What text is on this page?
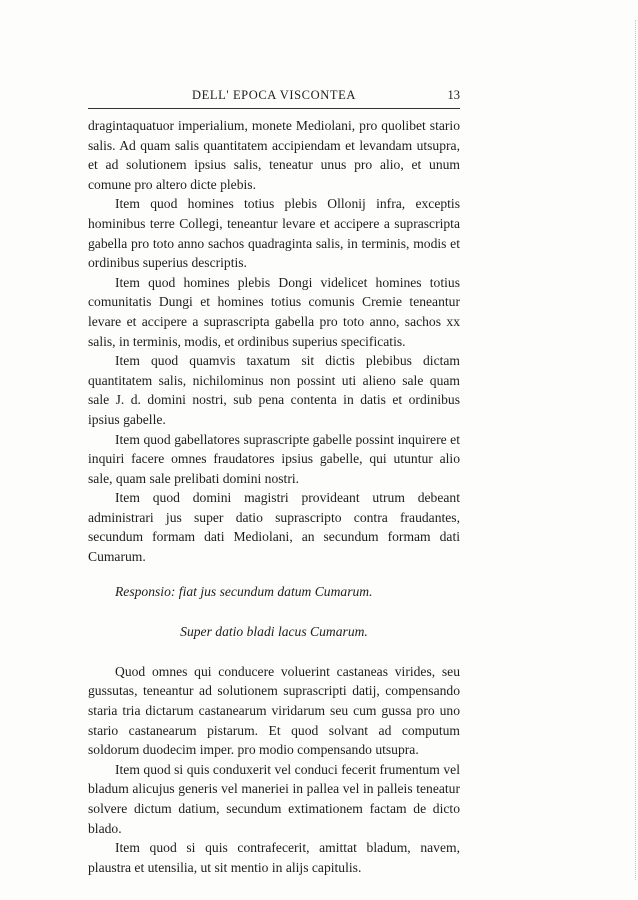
DELL' EPOCA VISCONTEA	13

dragintaquatuor imperialium, monete Mediolani, pro quolibet stario salis. Ad quam salis quantitatem accipiendam et levandam utsupra, et ad solutionem ipsius salis, teneatur unus pro alio, et unum comune pro altero dicte plebis.

Item quod homines totius plebis Ollonij infra, exceptis hominibus terre Collegi, teneantur levare et accipere a suprascripta gabella pro toto anno sachos quadraginta salis, in terminis, modis et ordinibus superius descriptis.

Item quod homines plebis Dongi videlicet homines totius comunitatis Dungi et homines totius comunis Cremie teneantur levare et accipere a suprascripta gabella pro toto anno, sachos xx salis, in terminis, modis, et ordinibus superius specificatis.

Item quod quamvis taxatum sit dictis plebibus dictam quantitatem salis, nichilominus non possint uti alieno sale quam sale J. d. domini nostri, sub pena contenta in datis et ordinibus ipsius gabelle.

Item quod gabellatores suprascripte gabelle possint inquirere et inquiri facere omnes fraudatores ipsius gabelle, qui utuntur alio sale, quam sale prelibati domini nostri.

Item quod domini magistri provideant utrum debeant administrari jus super datio suprascripto contra fraudantes, secundum formam dati Mediolani, an secundum formam dati Cumarum.

Responsio: fiat jus secundum datum Cumarum.

Super datio bladi lacus Cumarum.

Quod omnes qui conducere voluerint castaneas virides, seu gussutas, teneantur ad solutionem suprascripti datij, compensando staria tria dictarum castanearum viridarum seu cum gussa pro uno stario castanearum pistarum. Et quod solvant ad computum soldorum duodecim imper. pro modio compensando utsupra.

Item quod si quis conduxerit vel conduci fecerit frumentum vel bladum alicujus generis vel maneriei in pallea vel in palleis teneatur solvere dictum datium, secundum extimationem factam de dicto blado.

Item quod si quis contrafecerit, amittat bladum, navem, plaustra et utensilia, ut sit mentio in alijs capitulis.
